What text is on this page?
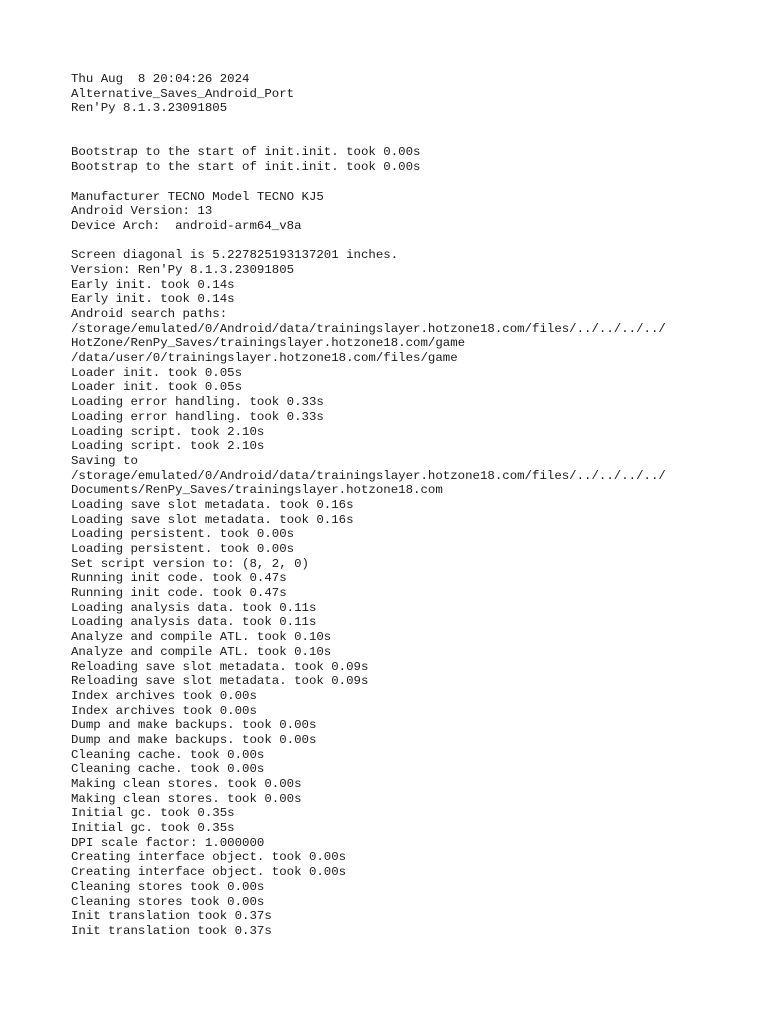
Thu Aug  8 20:04:26 2024
Alternative_Saves_Android_Port
Ren'Py 8.1.3.23091805
Bootstrap to the start of init.init. took 0.00s
Bootstrap to the start of init.init. took 0.00s
Manufacturer TECNO Model TECNO KJ5
Android Version: 13
Device Arch:  android-arm64_v8a
Screen diagonal is 5.227825193137201 inches.
Version: Ren'Py 8.1.3.23091805
Early init. took 0.14s
Early init. took 0.14s
Android search paths:
/storage/emulated/0/Android/data/trainingslayer.hotzone18.com/files/../../../../
HotZone/RenPy_Saves/trainingslayer.hotzone18.com/game
/data/user/0/trainingslayer.hotzone18.com/files/game
Loader init. took 0.05s
Loader init. took 0.05s
Loading error handling. took 0.33s
Loading error handling. took 0.33s
Loading script. took 2.10s
Loading script. took 2.10s
Saving to
/storage/emulated/0/Android/data/trainingslayer.hotzone18.com/files/../../../../
Documents/RenPy_Saves/trainingslayer.hotzone18.com
Loading save slot metadata. took 0.16s
Loading save slot metadata. took 0.16s
Loading persistent. took 0.00s
Loading persistent. took 0.00s
Set script version to: (8, 2, 0)
Running init code. took 0.47s
Running init code. took 0.47s
Loading analysis data. took 0.11s
Loading analysis data. took 0.11s
Analyze and compile ATL. took 0.10s
Analyze and compile ATL. took 0.10s
Reloading save slot metadata. took 0.09s
Reloading save slot metadata. took 0.09s
Index archives took 0.00s
Index archives took 0.00s
Dump and make backups. took 0.00s
Dump and make backups. took 0.00s
Cleaning cache. took 0.00s
Cleaning cache. took 0.00s
Making clean stores. took 0.00s
Making clean stores. took 0.00s
Initial gc. took 0.35s
Initial gc. took 0.35s
DPI scale factor: 1.000000
Creating interface object. took 0.00s
Creating interface object. took 0.00s
Cleaning stores took 0.00s
Cleaning stores took 0.00s
Init translation took 0.37s
Init translation took 0.37s
